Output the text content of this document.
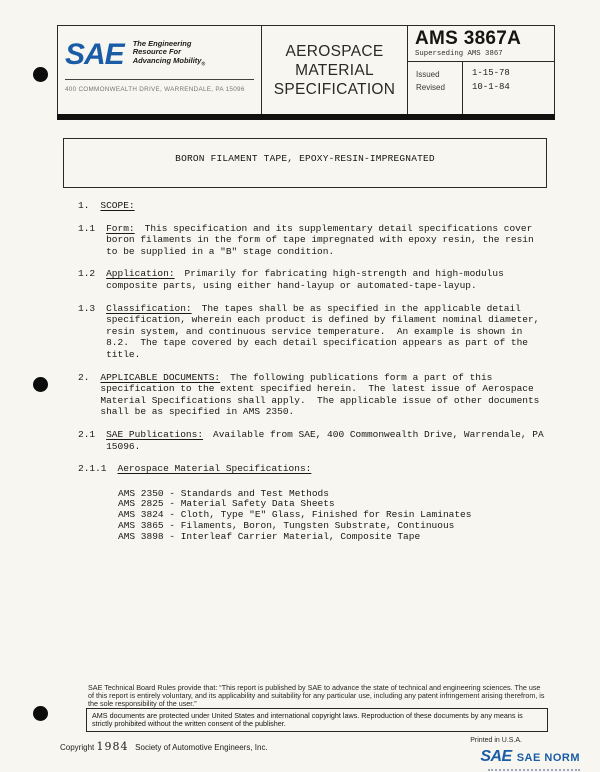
SAE The Engineering
Resource For
Advancing Mobility$_®$
400 COMMONWEALTH DRIVE, WARRENDALE, PA 15096
AEROSPACE MATERIAL SPECIFICATION
AMS 3867A
Superseding AMS 3867
Issued
Revised
1-15-78
10-1-84
BORON FILAMENT TAPE, EPOXY-RESIN-IMPREGNATED
1. SCOPE:
1.1 Form: This specification and its supplementary detail specifications cover boron filaments in the form of tape impregnated with epoxy resin, the resin to be supplied in a "B" stage condition.
1.2 Application: Primarily for fabricating high-strength and high-modulus composite parts, using either hand-layup or automated-tape-layup.
1.3 Classification: The tapes shall be as specified in the applicable detail specification, wherein each product is defined by filament nominal diameter, resin system, and continuous service temperature.  An example is shown in 8.2.  The tape covered by each detail specification appears as part of the title.
2. APPLICABLE DOCUMENTS: The following publications form a part of this specification to the extent specified herein.  The latest issue of Aerospace Material Specifications shall apply.  The applicable issue of other documents shall be as specified in AMS 2350.
2.1 SAE Publications: Available from SAE, 400 Commonwealth Drive, Warrendale, PA 15096.
2.1.1 Aerospace Material Specifications:
AMS 2350 - Standards and Test Methods
AMS 2825 - Material Safety Data Sheets
AMS 3824 - Cloth, Type "E" Glass, Finished for Resin Laminates
AMS 3865 - Filaments, Boron, Tungsten Substrate, Continuous
AMS 3898 - Interleaf Carrier Material, Composite Tape
SAE Technical Board Rules provide that: “This report is published by SAE to advance the state of technical and engineering sciences. The use of this report is entirely voluntary, and its applicability and suitability for any particular use, including any patent infringement arising therefrom, is the sole responsibility of the user.”
AMS documents are protected under United States and international copyright laws. Reproduction of these documents by any means is strictly prohibited without the written consent of the publisher.
Copyright 1984 Society of Automotive Engineers, Inc.
Printed in U.S.A.
SAE SAE NORM
